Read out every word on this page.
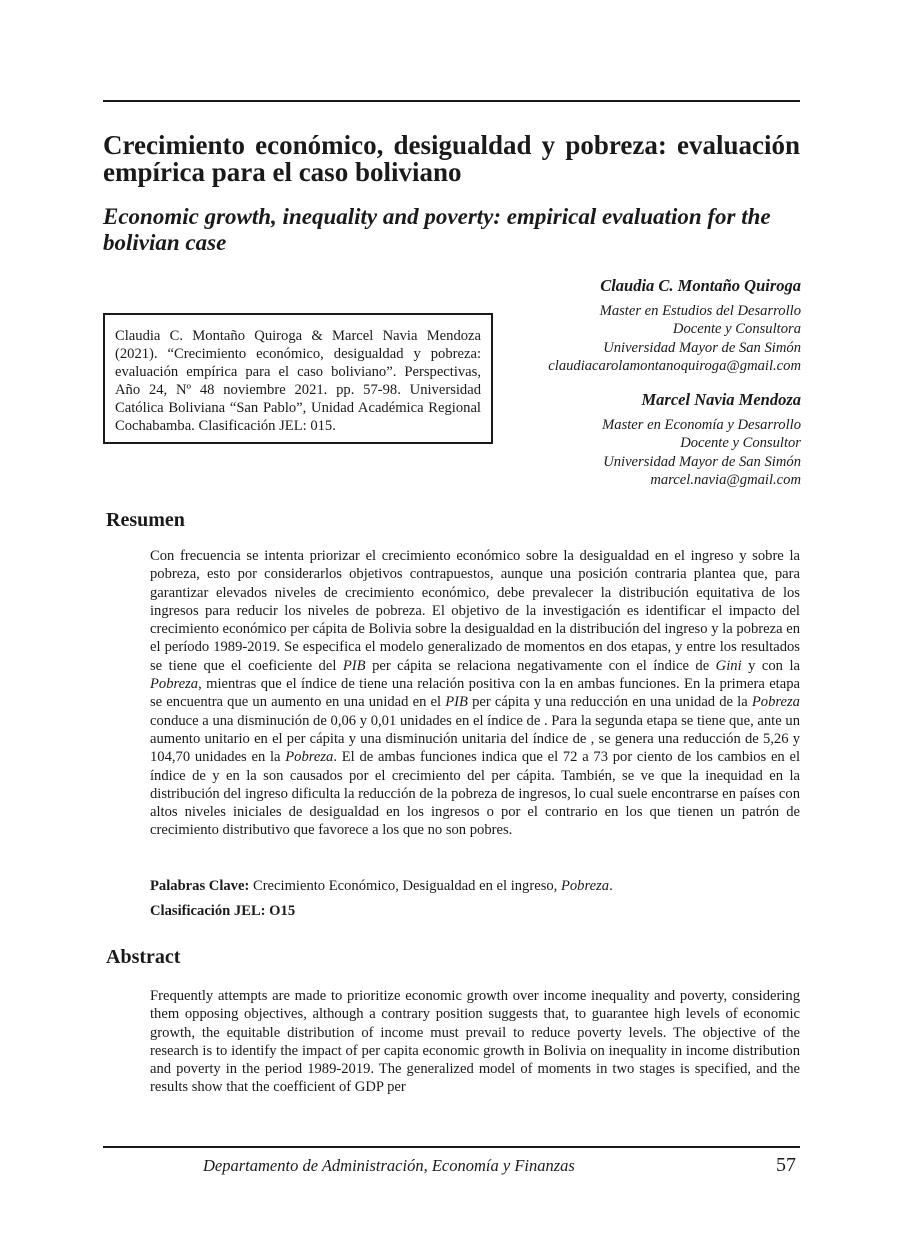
Crecimiento económico, desigualdad y pobreza: evaluación empírica para el caso boliviano
Economic growth, inequality and poverty: empirical evaluation for the bolivian case
Claudia C. Montaño Quiroga & Marcel Navia Mendoza (2021). “Crecimiento económico, desigualdad y pobreza: evaluación empírica para el caso boliviano”. Perspectivas, Año 24, Nº 48 noviembre 2021. pp. 57-98. Universidad Católica Boliviana “San Pablo”, Unidad Académica Regional Cochabamba. Clasificación JEL: 015.
Claudia C. Montaño Quiroga
Master en Estudios del Desarrollo
Docente y Consultora
Universidad Mayor de San Simón
claudiacarolamontanoquiroga@gmail.com
Marcel Navia Mendoza
Master en Economía y Desarrollo
Docente y Consultor
Universidad Mayor de San Simón
marcel.navia@gmail.com
Resumen

Con frecuencia se intenta priorizar el crecimiento económico sobre la desigualdad en el ingreso y sobre la pobreza, esto por considerarlos objetivos contrapuestos, aunque una posición contraria plantea que, para garantizar elevados niveles de crecimiento económico, debe prevalecer la distribución equitativa de los ingresos para reducir los niveles de pobreza. El objetivo de la investigación es identificar el impacto del crecimiento económico per cápita de Bolivia sobre la desigualdad en la distribución del ingreso y la pobreza en el período 1989-2019. Se especifica el modelo generalizado de momentos en dos etapas, y entre los resultados se tiene que el coeficiente del PIB per cápita se relaciona negativamente con el índice de Gini y con la Pobreza, mientras que el índice de tiene una relación positiva con la en ambas funciones. En la primera etapa se encuentra que un aumento en una unidad en el PIB per cápita y una reducción en una unidad de la Pobreza conduce a una disminución de 0,06 y 0,01 unidades en el índice de . Para la segunda etapa se tiene que, ante un aumento unitario en el per cápita y una disminución unitaria del índice de , se genera una reducción de 5,26 y 104,70 unidades en la Pobreza. El de ambas funciones indica que el 72 a 73 por ciento de los cambios en el índice de y en la son causados por el crecimiento del per cápita. También, se ve que la inequidad en la distribución del ingreso dificulta la reducción de la pobreza de ingresos, lo cual suele encontrarse en países con altos niveles iniciales de desigualdad en los ingresos o por el contrario en los que tienen un patrón de crecimiento distributivo que favorece a los que no son pobres.

Palabras Clave: Crecimiento Económico, Desigualdad en el ingreso, Pobreza.

Clasificación JEL: O15

Abstract

Frequently attempts are made to prioritize economic growth over income inequality and poverty, considering them opposing objectives, although a contrary position suggests that, to guarantee high levels of economic growth, the equitable distribution of income must prevail to reduce poverty levels. The objective of the research is to identify the impact of per capita economic growth in Bolivia on inequality in income distribution and poverty in the period 1989-2019. The generalized model of moments in two stages is specified, and the results show that the coefficient of GDP per

Departamento de Administración, Economía y Finanzas	57
